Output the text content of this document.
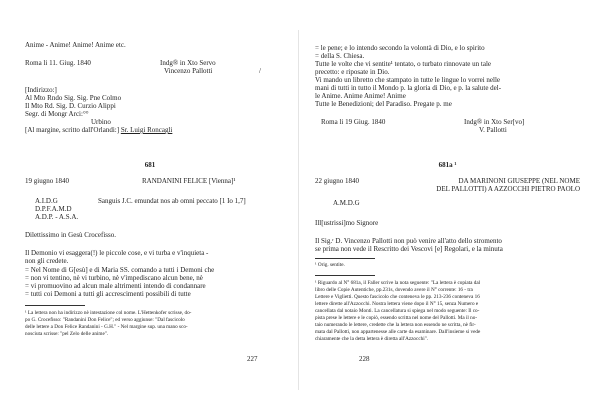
Anime - Anime! Anime! Anime etc.
Roma li 11. Giug. 1840	Indg® in Xto Servo
Vincenzo Pallotti	/
[Indirizzo:]
Al Mto Rndo Sig. Sig. Pne Colmo
Il Mto Rd. Sig. D. Curzio Alippi
Segr. di Mongr Arci:°°
Urbino
[Al margine, scritto dall'Orlandi:] Sr. Luigi Roncagli
681
19 giugno 1840	RANDANINI FELICE [Vienna]¹
A.I.D.G
D.P.F.A.M.D
A.D.P. - A.S.A.
Sanguis J.C. emundat nos ab omni peccato [1 Io 1,7]
Dilettissimo in Gesù Crocefisso.
Il Demonio vi esaggera(!) le piccole cose, e vi turba e v'inquieta -
non gli credete.
= Nel Nome di G[esù] e di Maria SS. comando a tutti i Demoni che
= non vi tentino, nè vi turbino, nè v'impediscano alcun bene, nè
= vi promuovino ad alcun male altrimenti intendo di condannare
= tutti coi Demoni a tutti gli accrescimenti possibili di tutte
¹ La lettera non ha indirizzo nè intestazione col nome. L'Hettenkofer scrisse, do-
po G. Crocefisso: "Randanini Don Felice"; ed verso aggiunse: "Dal fascicolo
delle lettere a Don Felice Randanini - G.H." - Nel margine sup. una mano sco-
nosciuta scrisse: "pel Zelo delle anime".
227
= le pene; e lo intendo secondo la volontà di Dio, e lo spirito
= della S. Chiesa.
Tutte le volte che vi sentite¹ tentato, o turbato rinnovate un tale
precetto: e riposate in Dio.
Vi mando un libretto che stampato in tutte le lingue lo vorrei nelle
mani di tutti in tutto il Mondo p. la gloria di Dio, e p. la salute del-
le Anime. Anime Anime! Anime
Tutte le Benedizioni; del Paradiso. Pregate p. me
Roma li 19 Giug. 1840	Indg® in Xto Ser[vo]
V. Pallotti
681a ¹
22 giugno 1840	DA MARINONI GIUSEPPE (NEL NOME
DEL PALLOTTI) A AZZOCCHI PIETRO PAOLO
A.M.D.G
Ill[ustrissi]mo Signore
Il Sig.ʳ D. Vincenzo Pallotti non può venire all'atto dello stromento
se prima non vede il Rescritto dei Vescovi [e] Regolari, e la minuta
¹ Orig. sentite.
¹ Riguardo al N° 681a, il Faller scrive la nota seguente: "La lettera è copiata dal
libro delle Copie Autentiche, pp.231s, dovendo avere il N° corrente: 16 - tra
Lettere e Viglietti. Questo fascicolo che conteneva le pp. 213-236 conteneva 16
lettere dirette all'Azzocchi. Nostra lettera viene dopo il N° 15, senza Numero e
cancellata dal notaio Monti. La cancellatura si spiega nel modo seguente: Il co-
pista prese le lettere e le copiò, essendo scritta nel nome del Pallotti. Ma il no-
taio numerando le lettere, credette che la lettera non essendo ne scritta, nè fir-
mata dal Pallotti, non appartenesse alle carte da esaminare. Dall'insieme si vede
chiaramente che la detta lettera è diretta all'Azzocchi".
228
